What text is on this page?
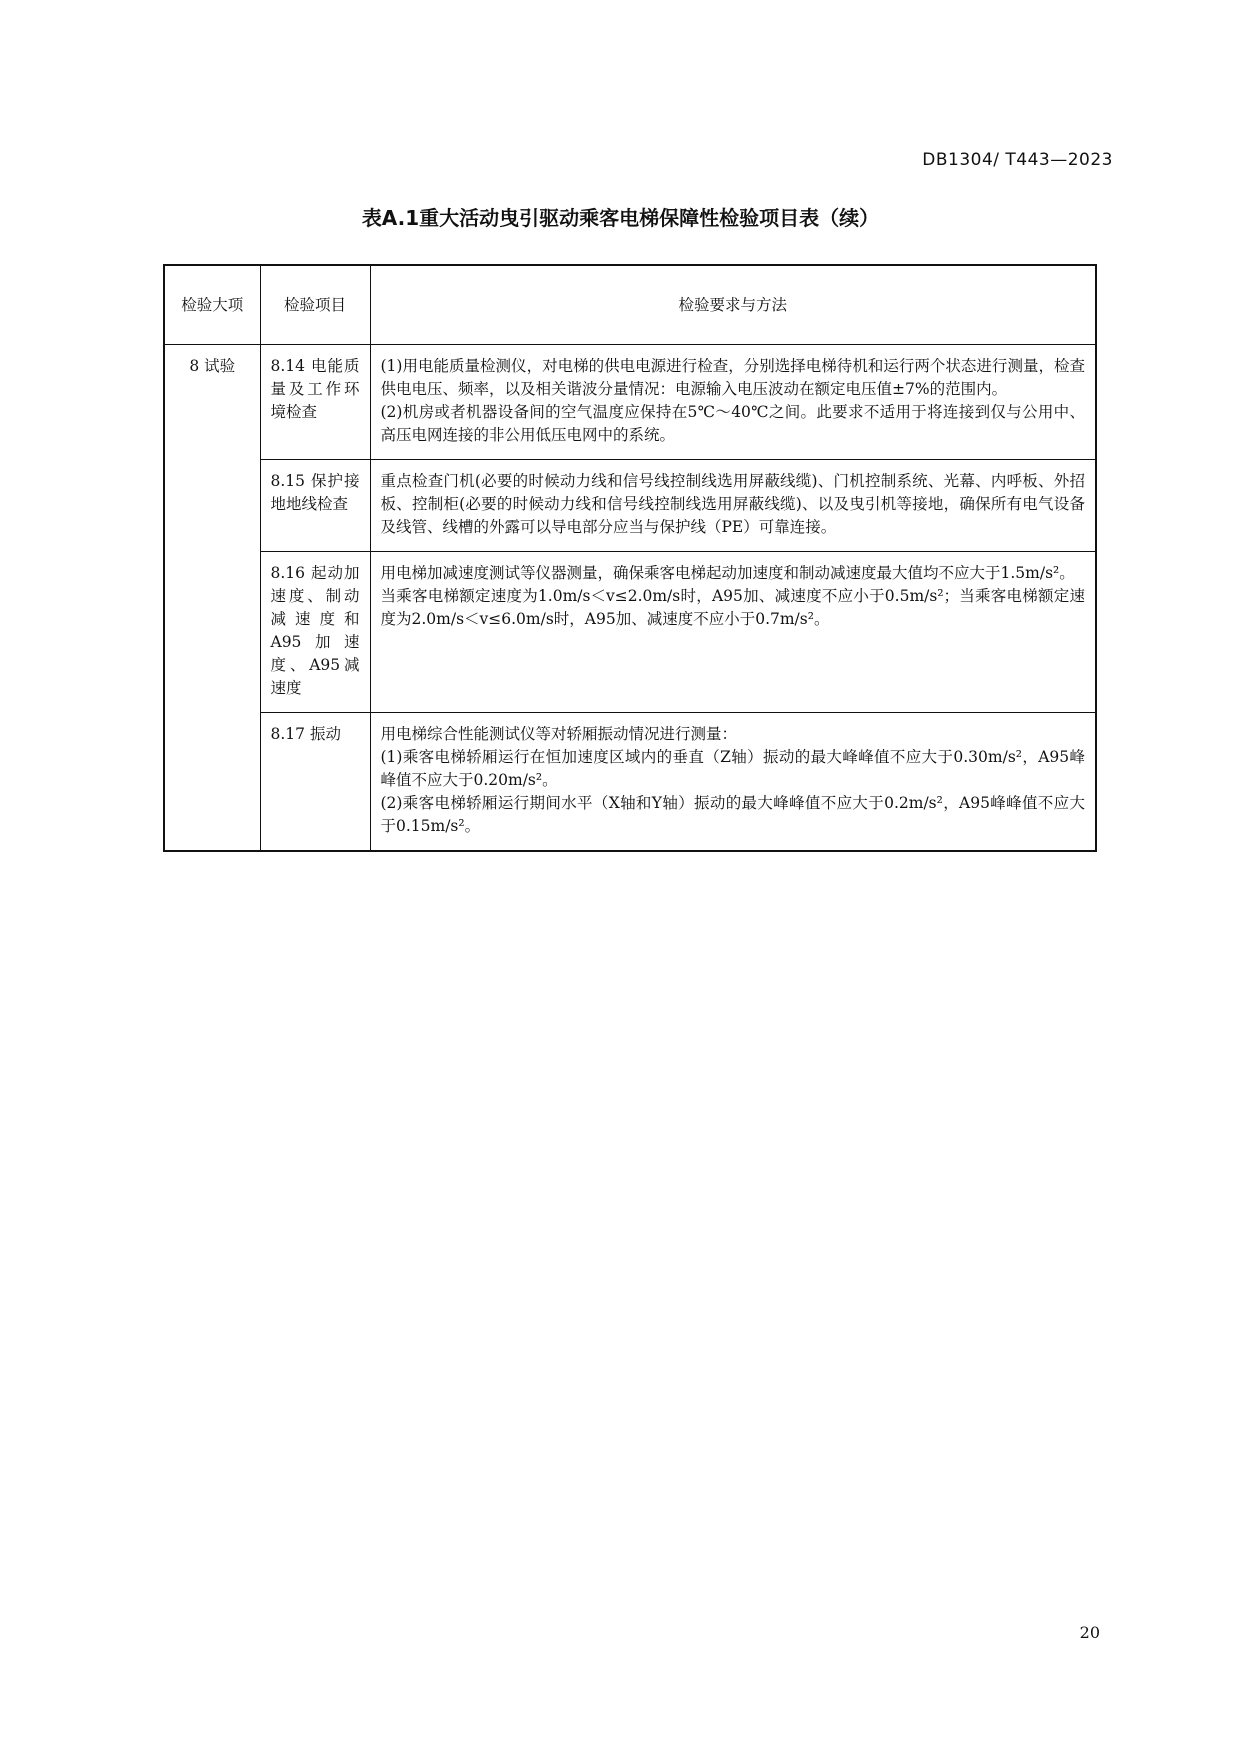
DB1304/ T443—2023
表A.1重大活动曳引驱动乘客电梯保障性检验项目表（续）
检验大项	检验项目	检验要求与方法
8 试验	8.14 电能质量及工作环境检查	(1)用电能质量检测仪，对电梯的供电电源进行检查，分别选择电梯待机和运行两个状态进行测量，检查供电电压、频率，以及相关谐波分量情况：电源输入电压波动在额定电压值±7%的范围内。
(2)机房或者机器设备间的空气温度应保持在5℃～40℃之间。此要求不适用于将连接到仅与公用中、高压电网连接的非公用低压电网中的系统。

	8.15 保护接地地线检查	重点检查门机(必要的时候动力线和信号线控制线选用屏蔽线缆)、门机控制系统、光幕、内呼板、外招板、控制柜(必要的时候动力线和信号线控制线选用屏蔽线缆)、以及曳引机等接地，确保所有电气设备及线管、线槽的外露可以导电部分应当与保护线（PE）可靠连接。

	8.16 起动加速度、制动减速度和A95加速度、A95减速度	用电梯加减速度测试等仪器测量，确保乘客电梯起动加速度和制动减速度最大值均不应大于1.5m/s²。
当乘客电梯额定速度为1.0m/s＜v≤2.0m/s时，A95加、减速度不应小于0.5m/s²；当乘客电梯额定速度为2.0m/s＜v≤6.0m/s时，A95加、减速度不应小于0.7m/s²。

	8.17 振动	用电梯综合性能测试仪等对轿厢振动情况进行测量：
(1)乘客电梯轿厢运行在恒加速度区域内的垂直（Z轴）振动的最大峰峰值不应大于0.30m/s²，A95峰峰值不应大于0.20m/s²。
(2)乘客电梯轿厢运行期间水平（X轴和Y轴）振动的最大峰峰值不应大于0.2m/s²，A95峰峰值不应大于0.15m/s²。
20
